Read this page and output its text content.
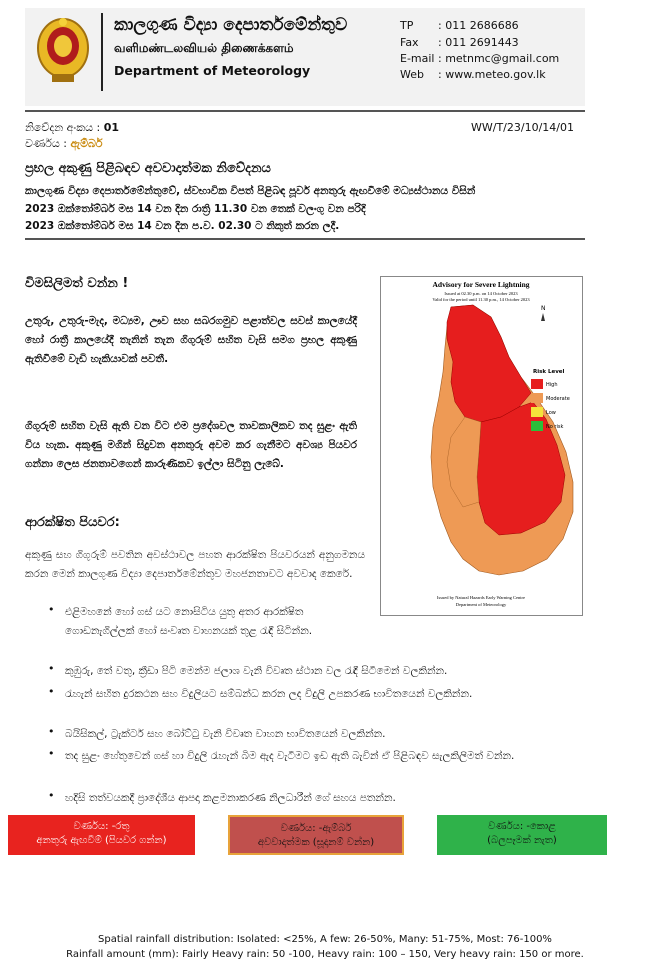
කාලගුණ විද්‍යා දෙපාර්තමේන්තුව
வளிமண்டலவியல் திணைக்களம்
Department of Meteorology
TP : 011 2686686
Fax : 011 2691443
E-mail : metnmc@gmail.com
Web : www.meteo.gov.lk
නිවේදන අංකය : 01	WW/T/23/10/14/01
වර්ණය : ඇම්බර්
ප්‍රභල අකුණු පිළිබඳව අවවාදාත්මක නිවේදනය
කාලගුණ විද්‍යා දෙපාර්තමේන්තුවේ, ස්වභාවික විපත් පිළිබඳ පූර්ව අනතුරු ඇඟවීමේ මධ්‍යස්ථානය විසින්
2023 ඔක්තෝම්බර් මස 14 වන දින රාත්‍රි 11.30 වන තෙක් වලංගු වන පරිදි
2023 ඔක්තෝම්බර් මස 14 වන දින ප.ව. 02.30 ට නිකුත් කරන ලදී.
විමසිලිමත් වන්න !
උතුරු, උතුරු-මැද, මධ්‍යම, ඌව සහ සබරගමුව පළාත්වල සවස් කාලයේදී හෝ රාත්‍රී කාලයේදී තැනින් තැන ගිගුරුම් සහිත වැසි සමග ප්‍රභල අකුණු ඇතිවීමේ වැඩි හැකියාවක් පවතී.
ගිගුරුම් සහිත වැසි ඇති වන විට එම ප්‍රදේශවල තාවකාලිකව තද සුළං ඇති විය හැක. අකුණු මගින් සිදුවන අනතුරු අවම කර ගැනීමට අවශ්‍ය පියවර ගන්නා ලෙස ජනතාවගෙන් කාරුණිකව ඉල්ලා සිටිනු ලැබේ.
ආරක්ෂිත පියවර:
අකුණු සහ ගිගුරුම් පවතින අවස්ථාවල පහත ආරක්ෂිත පියවරයන් අනුගමනය කරන මෙන් කාලගුණ විද්‍යා දෙපාර්තමේන්තුව මහජනතාවට අවවාද කෙරේ.
• එළිමහනේ හෝ ගස් යට නොසිටිය යුතු අතර ආරක්ෂිත ගොඩනැගිල්ලක් හෝ සංවෘත වාහනයක් තුළ රැඳී සිටින්න.
• කුඹුරු, තේ වතු, ක්‍රීඩා පිටි මෙන්ම ජලාශ වැනි විවෘත ස්ථාන වල රැඳී සිටීමෙන් වලකින්න.
• රැහැන් සහිත දුරකථන සහ විදුලියට සම්බන්ධ කරන ලද විදුලි උපකරණ භාවිතයෙන් වලකින්න.
• බයිසිකල්, ට්‍රැක්ටර් සහ බෝට්ටු වැනි විවෘත වාහන භාවිතයෙන් වලකින්න.
• තද සුළං හේතුවෙන් ගස් හා විදුලි රැහැන් බිම ඇද වැටීමට ඉඩ ඇති බැවින් ඒ පිළිබඳව සැලකිලිමත් වන්න.
• හදිසි තත්වයකදී ප්‍රාදේශීය ආපදා කළමනාකරණ නිලධාරීන් ගේ සහය පතන්න.
Advisory for Severe Lightning
Issued at 02.30 p.m. on 14 October 2023
Valid for the period until 11.30 p.m., 14 October 2023
N
Risk Level
High
Moderate
Low
No risk
Issued by Natural Hazards Early Warning Centre
Department of Meteorology
වර්ණය: -රතු
අනතුරු ඇඟවීම් (පියවර ගන්න)
වර්ණය: -ඇම්බර්
අවවාදාත්මක (සූදානම් වන්න)
වර්ණය: -කොළ
(බලපෑමක් නැත)
Spatial rainfall distribution: Isolated: <25%, A few: 26-50%, Many: 51-75%, Most: 76-100%
Rainfall amount (mm): Fairly Heavy rain: 50 -100, Heavy rain: 100 – 150, Very heavy rain: 150 or more.
